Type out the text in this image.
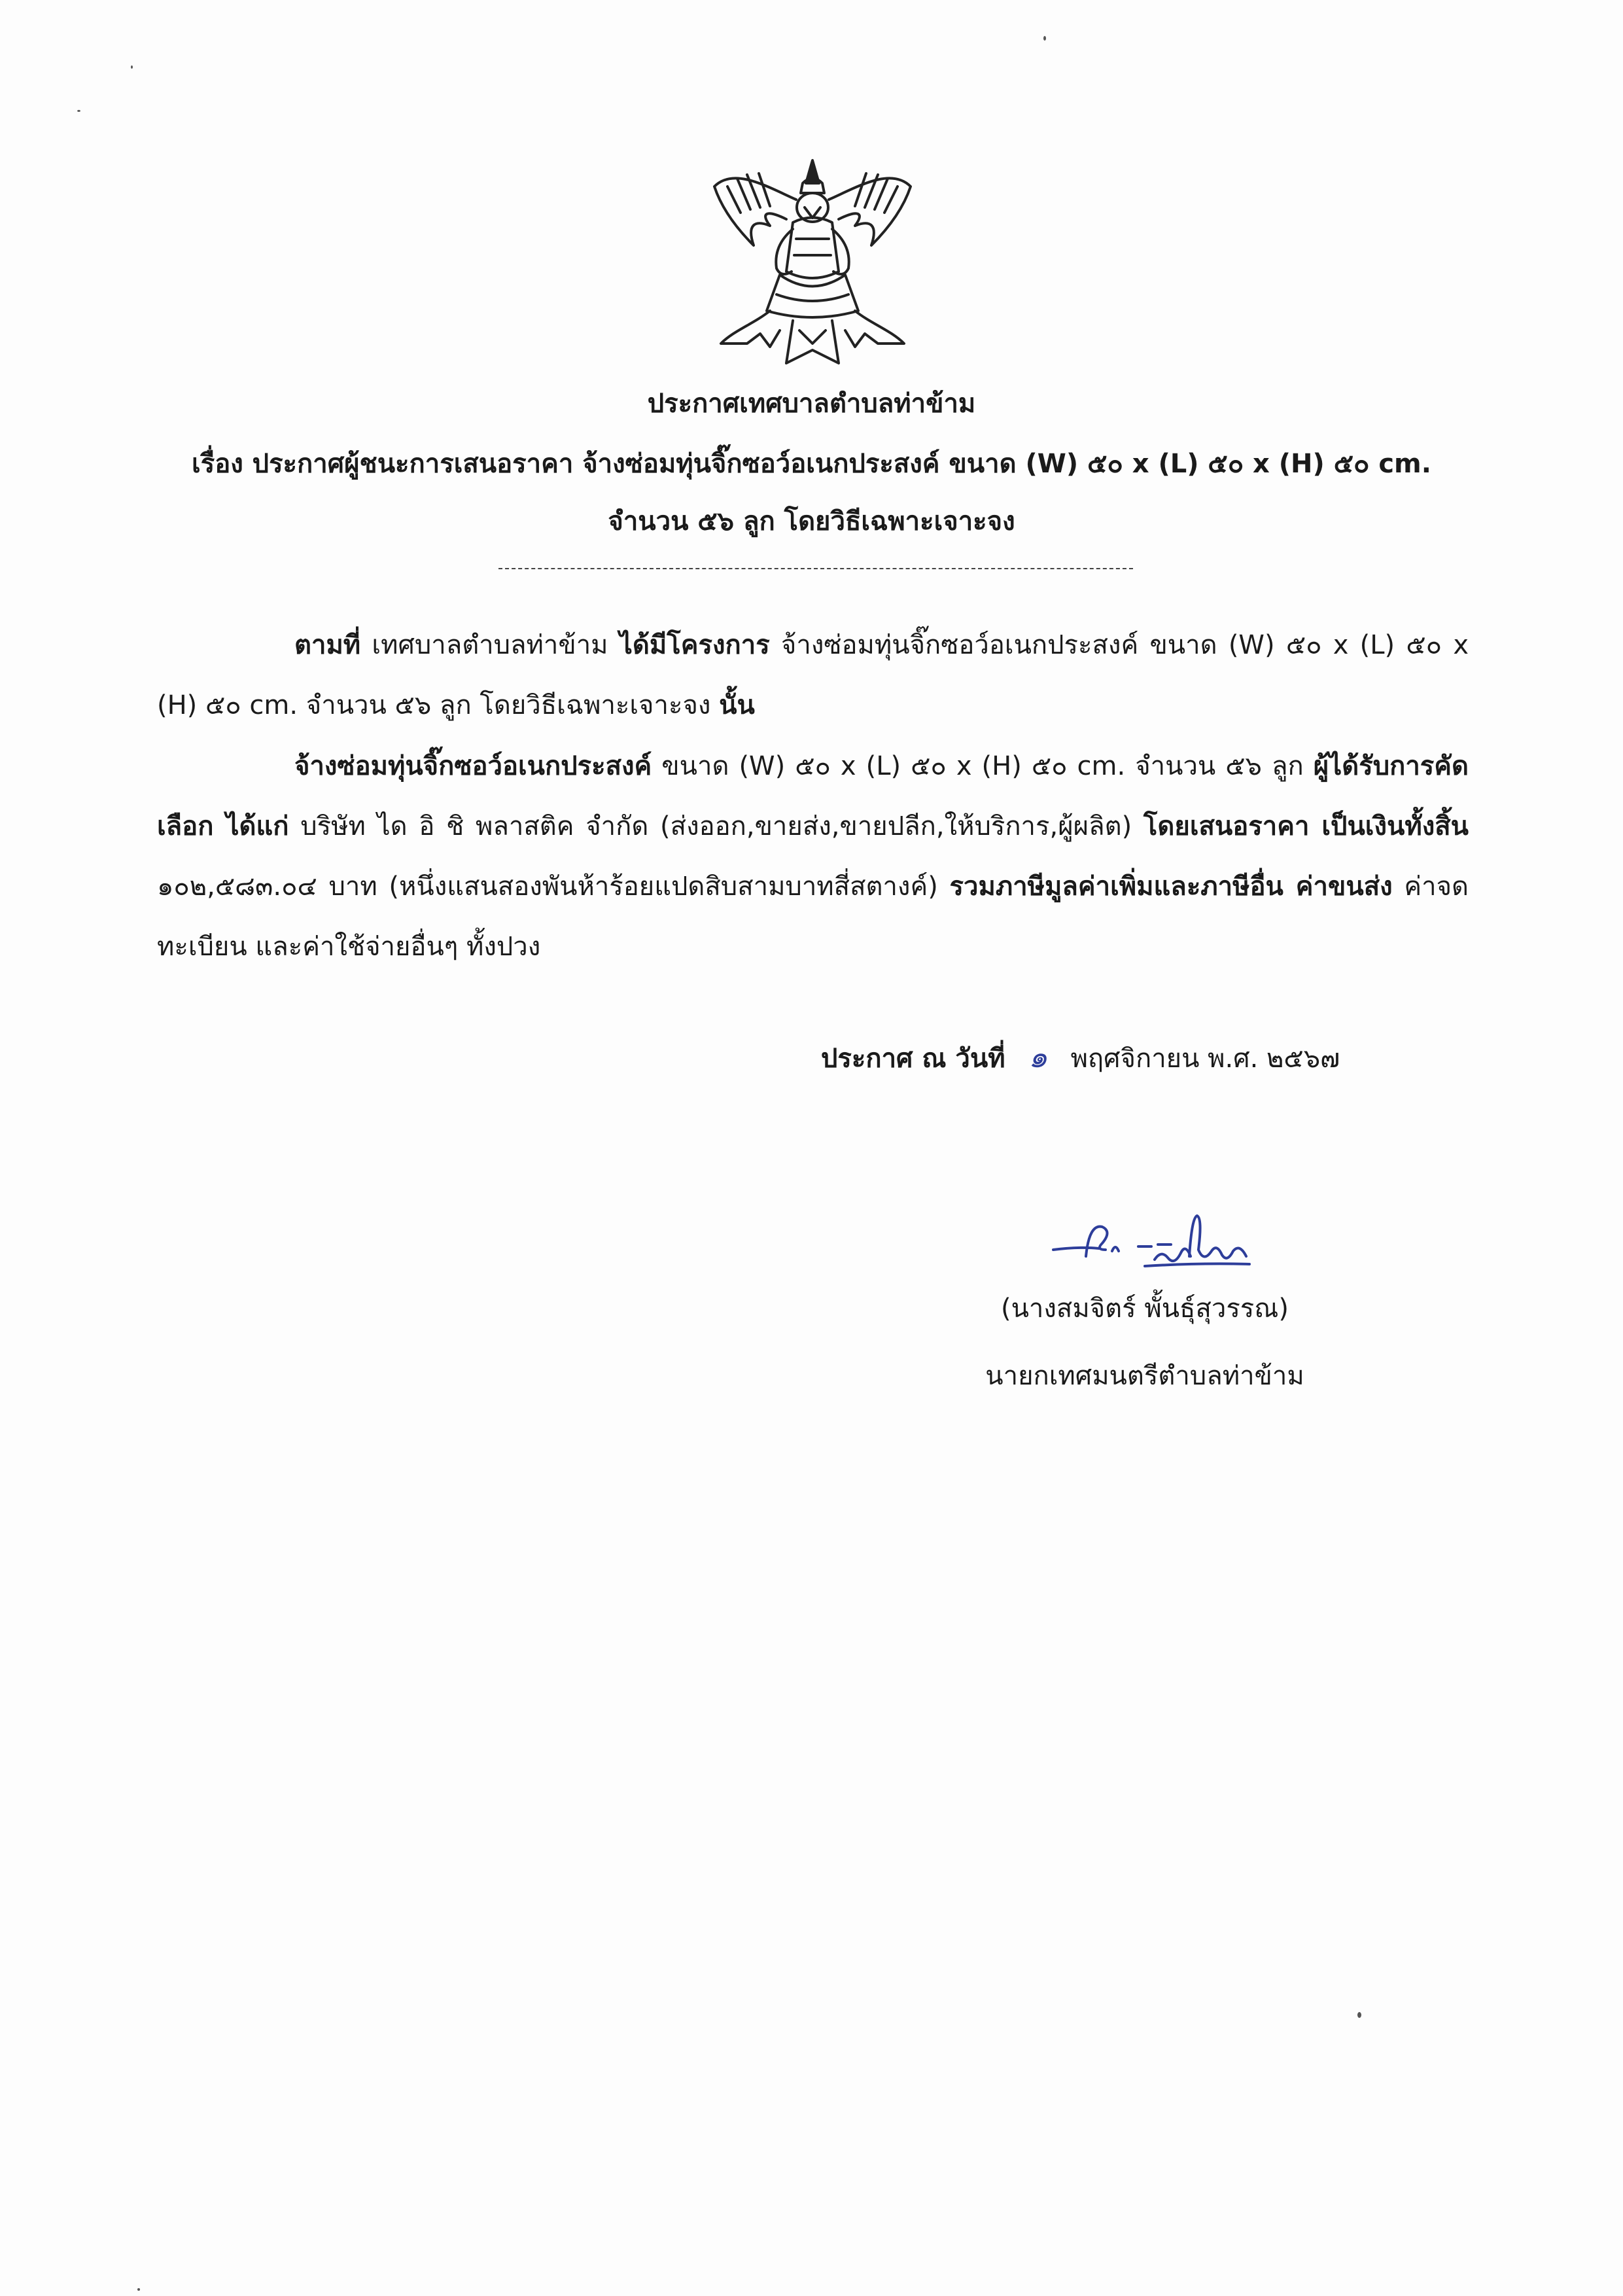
ประกาศเทศบาลตำบลท่าข้าม
เรื่อง ประกาศผู้ชนะการเสนอราคา จ้างซ่อมทุ่นจิ๊กซอว์อเนกประสงค์ ขนาด (W) ๕๐ x (L) ๕๐ x (H) ๕๐ cm.
จำนวน ๕๖ ลูก โดยวิธีเฉพาะเจาะจง
ตามที่ เทศบาลตำบลท่าข้าม ได้มีโครงการ จ้างซ่อมทุ่นจิ๊กซอว์อเนกประสงค์ ขนาด (W) ๕๐ x (L) ๕๐ x (H) ๕๐ cm. จำนวน ๕๖ ลูก โดยวิธีเฉพาะเจาะจง นั้น
จ้างซ่อมทุ่นจิ๊กซอว์อเนกประสงค์ ขนาด (W) ๕๐ x (L) ๕๐ x (H) ๕๐ cm. จำนวน ๕๖ ลูก ผู้ได้รับการคัดเลือก ได้แก่ บริษัท ได อิ ชิ พลาสติค จำกัด (ส่งออก,ขายส่ง,ขายปลีก,ให้บริการ,ผู้ผลิต) โดยเสนอราคา เป็นเงินทั้งสิ้น ๑๐๒,๕๘๓.๐๔ บาท (หนึ่งแสนสองพันห้าร้อยแปดสิบสามบาทสี่สตางค์) รวมภาษีมูลค่าเพิ่มและภาษีอื่น ค่าขนส่ง ค่าจดทะเบียน และค่าใช้จ่ายอื่นๆ ทั้งปวง
ประกาศ ณ วันที่ ๑ พฤศจิกายน พ.ศ. ๒๕๖๗
(นางสมจิตร์ พั้นธุ์สุวรรณ)
นายกเทศมนตรีตำบลท่าข้าม
